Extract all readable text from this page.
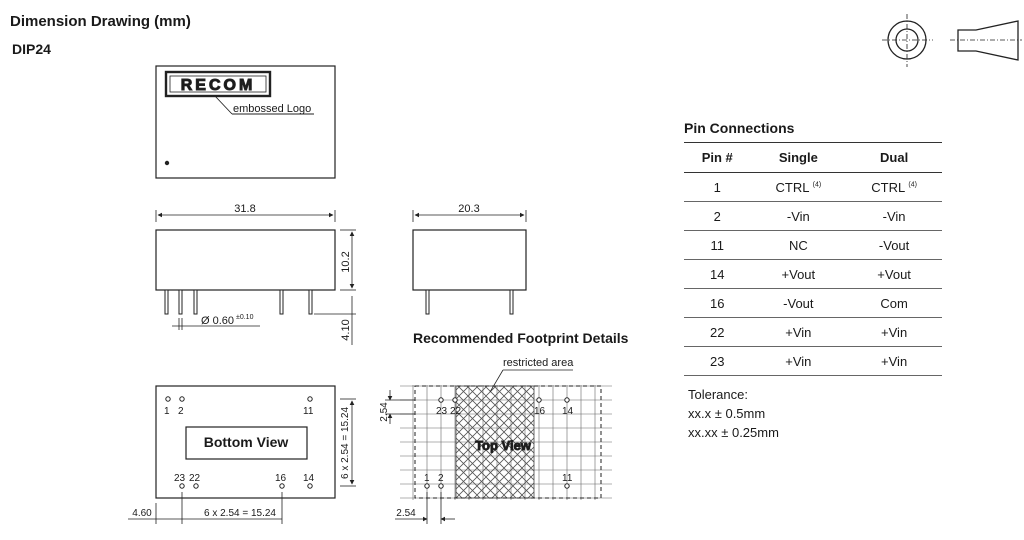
Dimension Drawing (mm)
DIP24
RECOM
embossed Logo
31.8
10.2
4.10
Ø 0.60 ±0.10
20.3
Bottom View
1 2	11
23 22	16 14	6 x 2.54 = 15.24
6 x 2.54 = 15.24
4.60
Recommended Footprint Details
restricted area
Top View
23 22	16 14
1 2	11
2.54
2.54
Pin Connections
Pin #	Single	Dual
1	CTRL $^{(4)}$	CTRL $^{(4)}$
2	-Vin	-Vin
11	NC	-Vout
14	+Vout	+Vout
16	-Vout	Com
22	+Vin	+Vin
23	+Vin	+Vin
Tolerance:
xx.x ± 0.5mm
xx.xx ± 0.25mm
